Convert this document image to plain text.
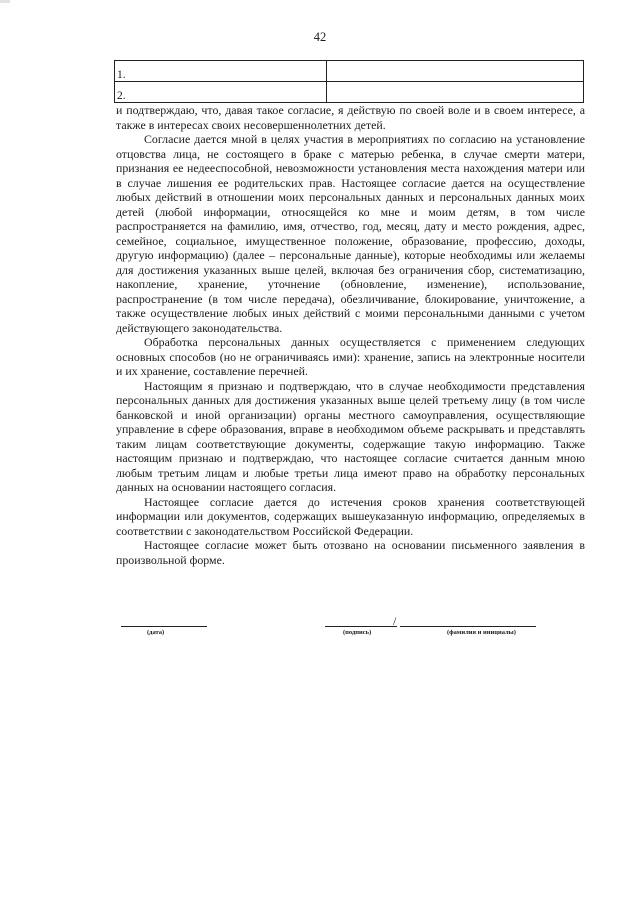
42
1.	
2.	

и подтверждаю, что, давая такое согласие, я действую по своей воле и в своем интересе, а также в интересах своих несовершеннолетних детей.

Согласие дается мной в целях участия в мероприятиях по согласию на установление отцовства лица, не состоящего в браке с матерью ребенка, в случае смерти матери, признания ее недееспособной, невозможности установления места нахождения матери или в случае лишения ее родительских прав. Настоящее согласие дается на осуществление любых действий в отношении моих персональных данных и персональных данных моих детей (любой информации, относящейся ко мне и моим детям, в том числе распространяется на фамилию, имя, отчество, год, месяц, дату и место рождения, адрес, семейное, социальное, имущественное положение, образование, профессию, доходы, другую информацию) (далее – персональные данные), которые необходимы или желаемы для достижения указанных выше целей, включая без ограничения сбор, систематизацию, накопление, хранение, уточнение (обновление, изменение), использование, распространение (в том числе передача), обезличивание, блокирование, уничтожение, а также осуществление любых иных действий с моими персональными данными с учетом действующего законодательства.

Обработка персональных данных осуществляется с применением следующих основных способов (но не ограничиваясь ими): хранение, запись на электронные носители и их хранение, составление перечней.

Настоящим я признаю и подтверждаю, что в случае необходимости представления персональных данных для достижения указанных выше целей третьему лицу (в том числе банковской и иной организации) органы местного самоуправления, осуществляющие управление в сфере образования, вправе в необходимом объеме раскрывать и представлять таким лицам соответствующие документы, содержащие такую информацию. Также настоящим признаю и подтверждаю, что настоящее согласие считается данным мною любым третьим лицам и любые третьи лица имеют право на обработку персональных данных на основании настоящего согласия.

Настоящее согласие дается до истечения сроков хранения соответствующей информации или документов, содержащих вышеуказанную информацию, определяемых в соответствии с законодательством Российской Федерации.

Настоящее согласие может быть отозвано на основании письменного заявления в произвольной форме.

/
(дата)	(подпись)	(фамилия и инициалы)
